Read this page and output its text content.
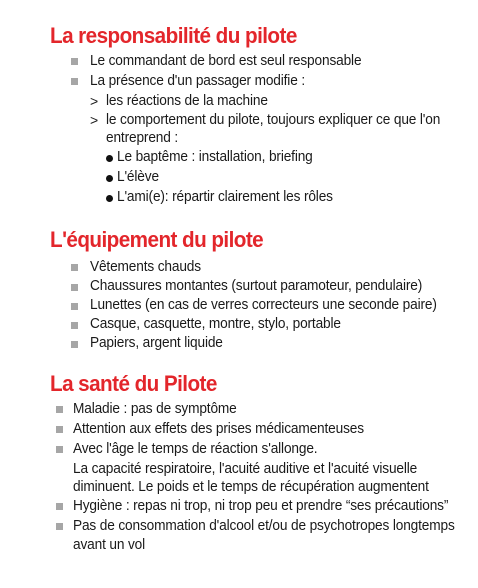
La responsabilité du pilote
Le commandant de bord est seul responsable
La présence d'un passager modifie :
> les réactions de la machine
> le comportement du pilote, toujours expliquer ce que l'on
entreprend :
Le baptême : installation, briefing
L'élève
L'ami(e): répartir clairement les rôles
L'équipement du pilote
Vêtements chauds
Chaussures montantes (surtout paramoteur, pendulaire)
Lunettes (en cas de verres correcteurs une seconde paire)
Casque, casquette, montre, stylo, portable
Papiers, argent liquide
La santé du Pilote
Maladie : pas de symptôme
Attention aux effets des prises médicamenteuses
Avec l'âge le temps de réaction s'allonge.
La capacité respiratoire, l'acuité auditive et l'acuité visuelle
diminuent. Le poids et le temps de récupération augmentent
Hygiène : repas ni trop, ni trop peu et prendre “ses précautions”
Pas de consommation d'alcool et/ou de psychotropes longtemps
avant un vol
